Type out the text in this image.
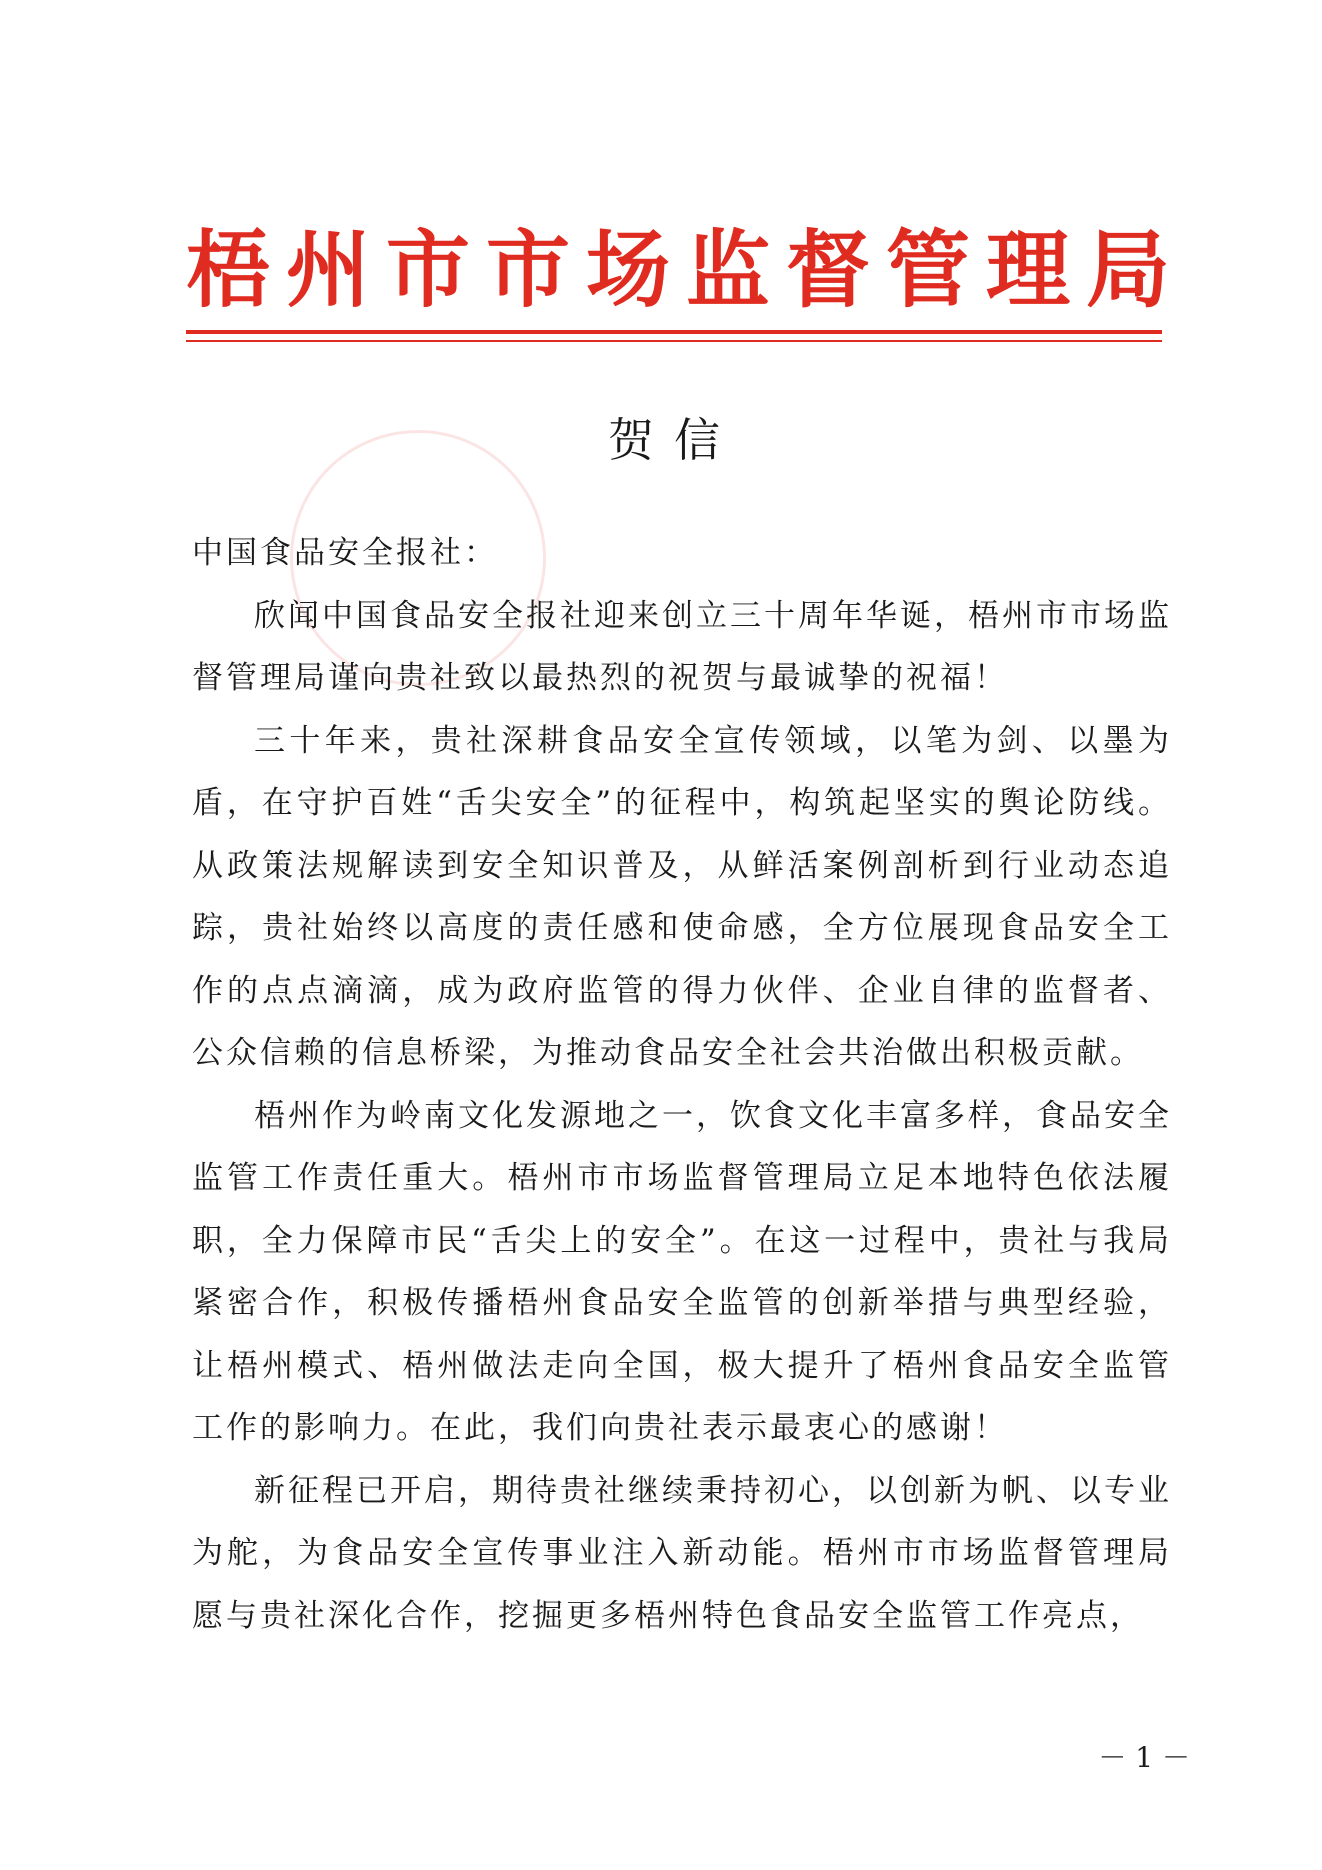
梧州市市场监督管理局
贺信

中国食品安全报社：

欣闻中国食品安全报社迎来创立三十周年华诞，梧州市市场监督管理局谨向贵社致以最热烈的祝贺与最诚挚的祝福！

三十年来，贵社深耕食品安全宣传领域，以笔为剑、以墨为盾，在守护百姓“舌尖安全”的征程中，构筑起坚实的舆论防线。从政策法规解读到安全知识普及，从鲜活案例剖析到行业动态追踪，贵社始终以高度的责任感和使命感，全方位展现食品安全工作的点点滴滴，成为政府监管的得力伙伴、企业自律的监督者、公众信赖的信息桥梁，为推动食品安全社会共治做出积极贡献。

梧州作为岭南文化发源地之一，饮食文化丰富多样，食品安全监管工作责任重大。梧州市市场监督管理局立足本地特色依法履职，全力保障市民“舌尖上的安全”。在这一过程中，贵社与我局紧密合作，积极传播梧州食品安全监管的创新举措与典型经验，让梧州模式、梧州做法走向全国，极大提升了梧州食品安全监管工作的影响力。在此，我们向贵社表示最衷心的感谢！

新征程已开启，期待贵社继续秉持初心，以创新为帆、以专业为舵，为食品安全宣传事业注入新动能。梧州市市场监督管理局愿与贵社深化合作，挖掘更多梧州特色食品安全监管工作亮点，

－ 1 －
